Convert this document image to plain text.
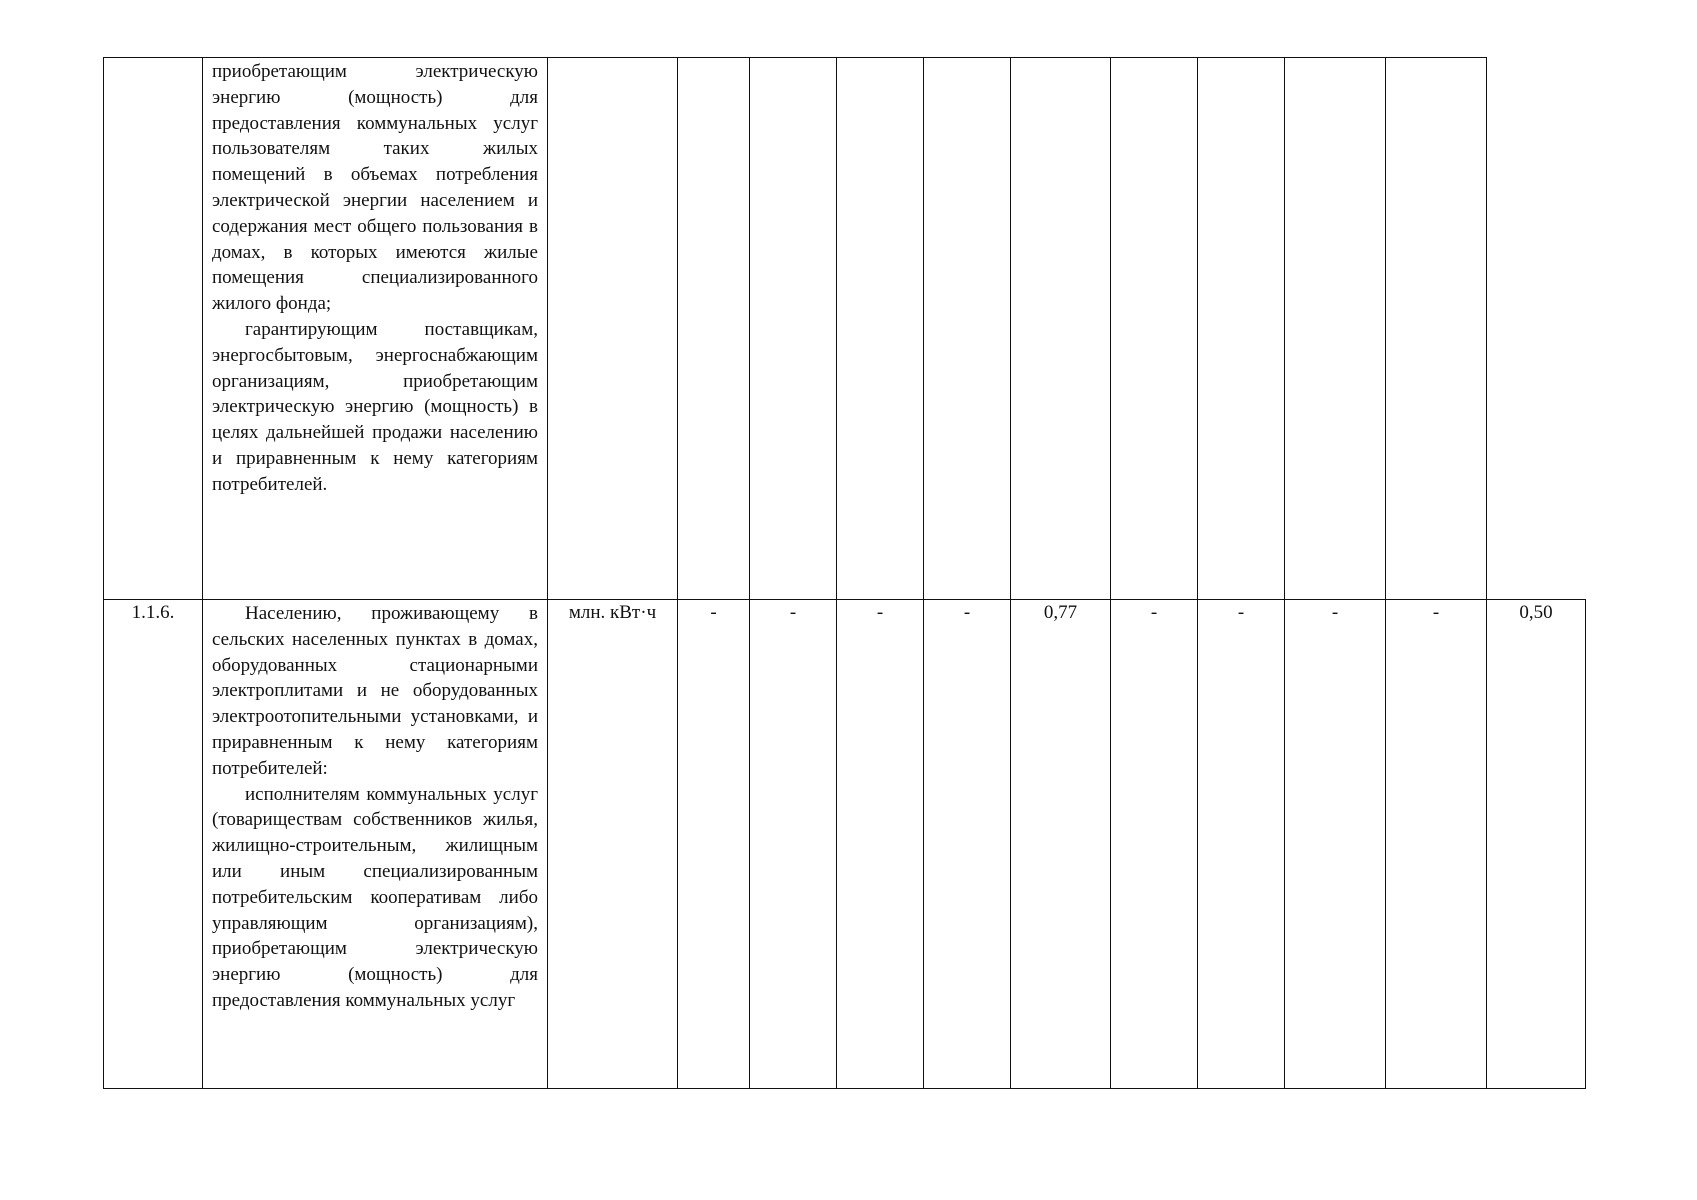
	приобретающим электрическую энергию (мощность) для предоставления коммунальных услуг пользователям таких жилых помещений в объемах потребления электрической энергии населением и содержания мест общего пользования в домах, в которых имеются жилые помещения специализированного жилого фонда;

гарантирующим поставщикам, энергосбытовым, энергоснабжающим организациям, приобретающим электрическую энергию (мощность) в целях дальнейшей продажи населению и приравненным к нему категориям потребителей.											

1.1.6.	Населению, проживающему в сельских населенных пунктах в домах, оборудованных стационарными электроплитами и не оборудованных электроотопительными установками, и приравненным к нему категориям потребителей:

исполнителям коммунальных услуг (товариществам собственников жилья, жилищно-строительным, жилищным или иным специализированным потребительским кооперативам либо управляющим организациям), приобретающим электрическую энергию (мощность) для предоставления коммунальных услуг	млн. кВт·ч	-	-	-	-	0,77	-	-	-	-	0,50
